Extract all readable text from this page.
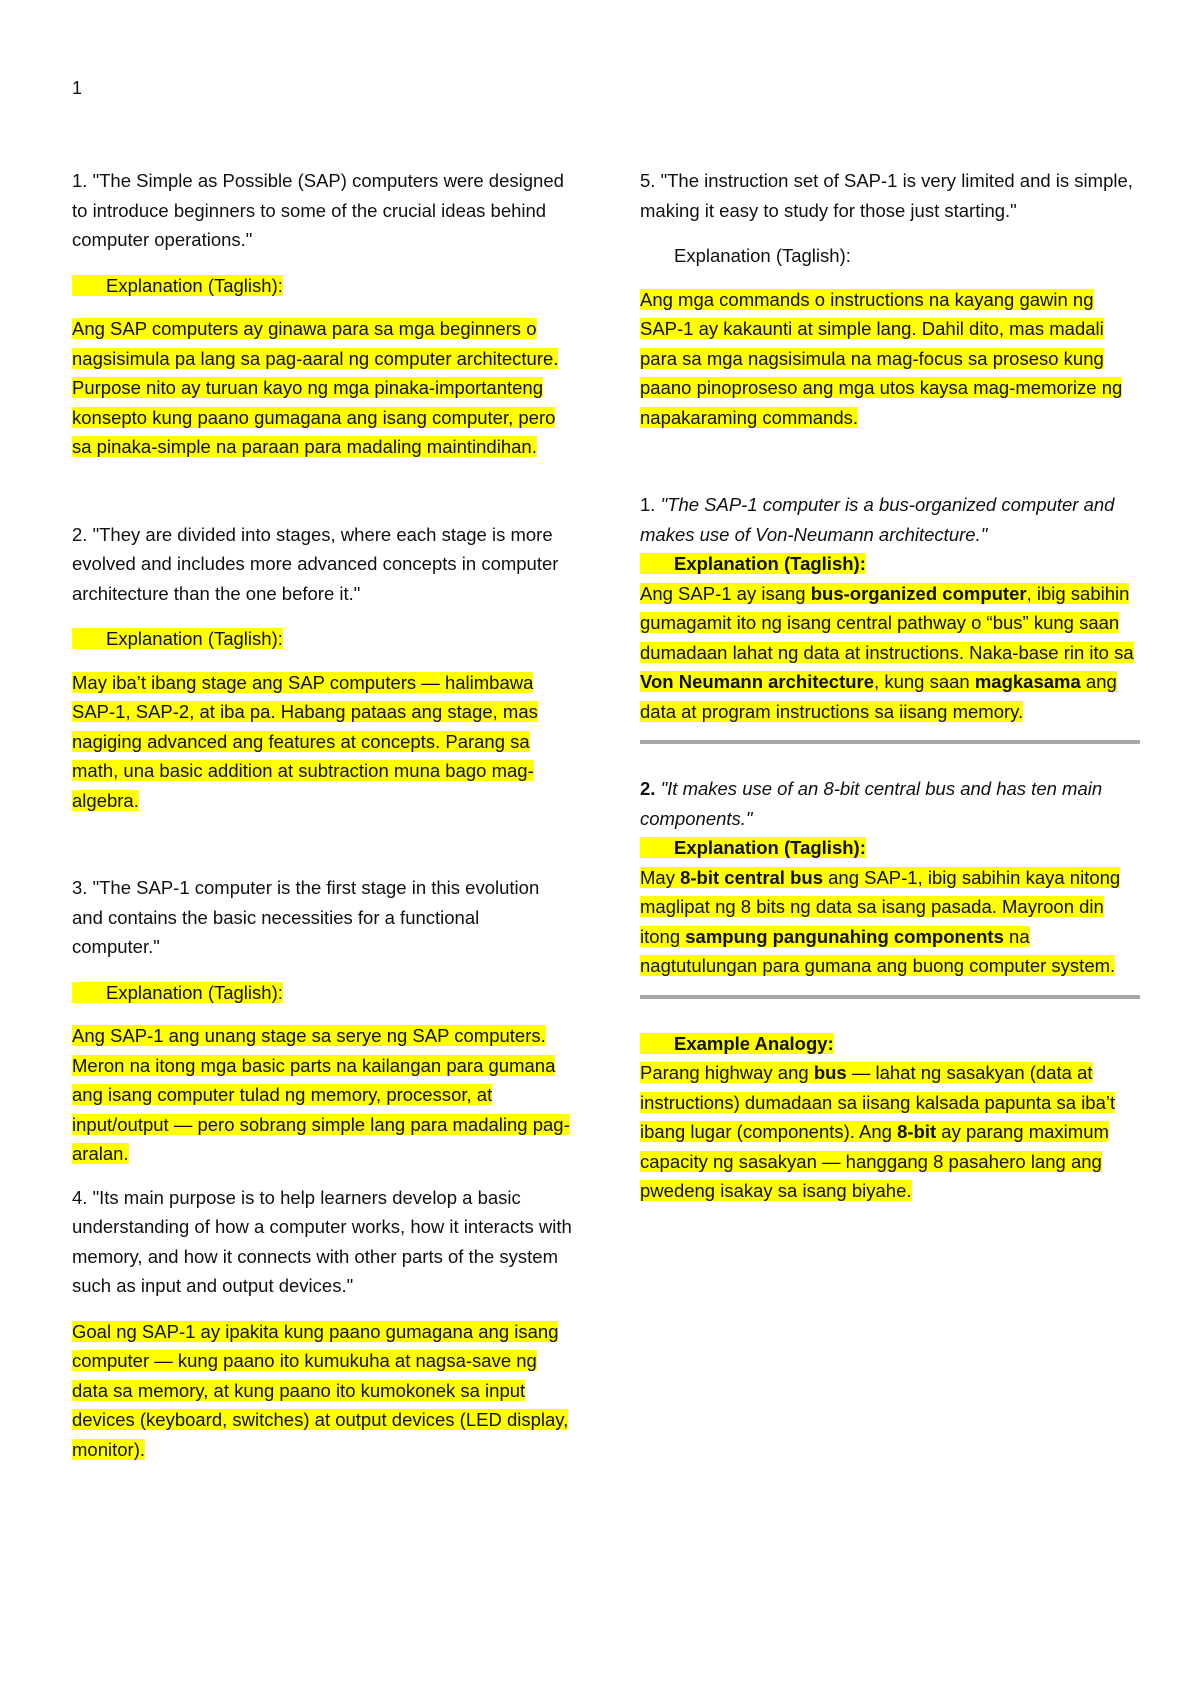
1

1. "The Simple as Possible (SAP) computers were designed to introduce beginners to some of the crucial ideas behind computer operations."

Explanation (Taglish):

Ang SAP computers ay ginawa para sa mga beginners o nagsisimula pa lang sa pag-aaral ng computer architecture. Purpose nito ay turuan kayo ng mga pinaka-importanteng konsepto kung paano gumagana ang isang computer, pero sa pinaka-simple na paraan para madaling maintindihan.

2. "They are divided into stages, where each stage is more evolved and includes more advanced concepts in computer architecture than the one before it."

Explanation (Taglish):

May iba’t ibang stage ang SAP computers — halimbawa SAP-1, SAP-2, at iba pa. Habang pataas ang stage, mas nagiging advanced ang features at concepts. Parang sa math, una basic addition at subtraction muna bago mag-algebra.

3. "The SAP-1 computer is the first stage in this evolution and contains the basic necessities for a functional computer."

Explanation (Taglish):

Ang SAP-1 ang unang stage sa serye ng SAP computers. Meron na itong mga basic parts na kailangan para gumana ang isang computer tulad ng memory, processor, at input/output — pero sobrang simple lang para madaling pag-aralan.

4. "Its main purpose is to help learners develop a basic understanding of how a computer works, how it interacts with memory, and how it connects with other parts of the system such as input and output devices."

Goal ng SAP-1 ay ipakita kung paano gumagana ang isang computer — kung paano ito kumukuha at nagsa-save ng data sa memory, at kung paano ito kumokonek sa input devices (keyboard, switches) at output devices (LED display, monitor).

5. "The instruction set of SAP-1 is very limited and is simple, making it easy to study for those just starting."

Explanation (Taglish):

Ang mga commands o instructions na kayang gawin ng SAP-1 ay kakaunti at simple lang. Dahil dito, mas madali para sa mga nagsisimula na mag-focus sa proseso kung paano pinoproseso ang mga utos kaysa mag-memorize ng napakaraming commands.

1. "The SAP-1 computer is a bus-organized computer and makes use of Von-Neumann architecture."

Explanation (Taglish):

Ang SAP-1 ay isang bus-organized computer, ibig sabihin gumagamit ito ng isang central pathway o “bus” kung saan dumadaan lahat ng data at instructions. Naka-base rin ito sa Von Neumann architecture, kung saan magkasama ang data at program instructions sa iisang memory.

2. "It makes use of an 8-bit central bus and has ten main components."

Explanation (Taglish):

May 8-bit central bus ang SAP-1, ibig sabihin kaya nitong maglipat ng 8 bits ng data sa isang pasada. Mayroon din itong sampung pangunahing components na nagtutulungan para gumana ang buong computer system.

Example Analogy:

Parang highway ang bus — lahat ng sasakyan (data at instructions) dumadaan sa iisang kalsada papunta sa iba’t ibang lugar (components). Ang 8-bit ay parang maximum capacity ng sasakyan — hanggang 8 pasahero lang ang pwedeng isakay sa isang biyahe.
